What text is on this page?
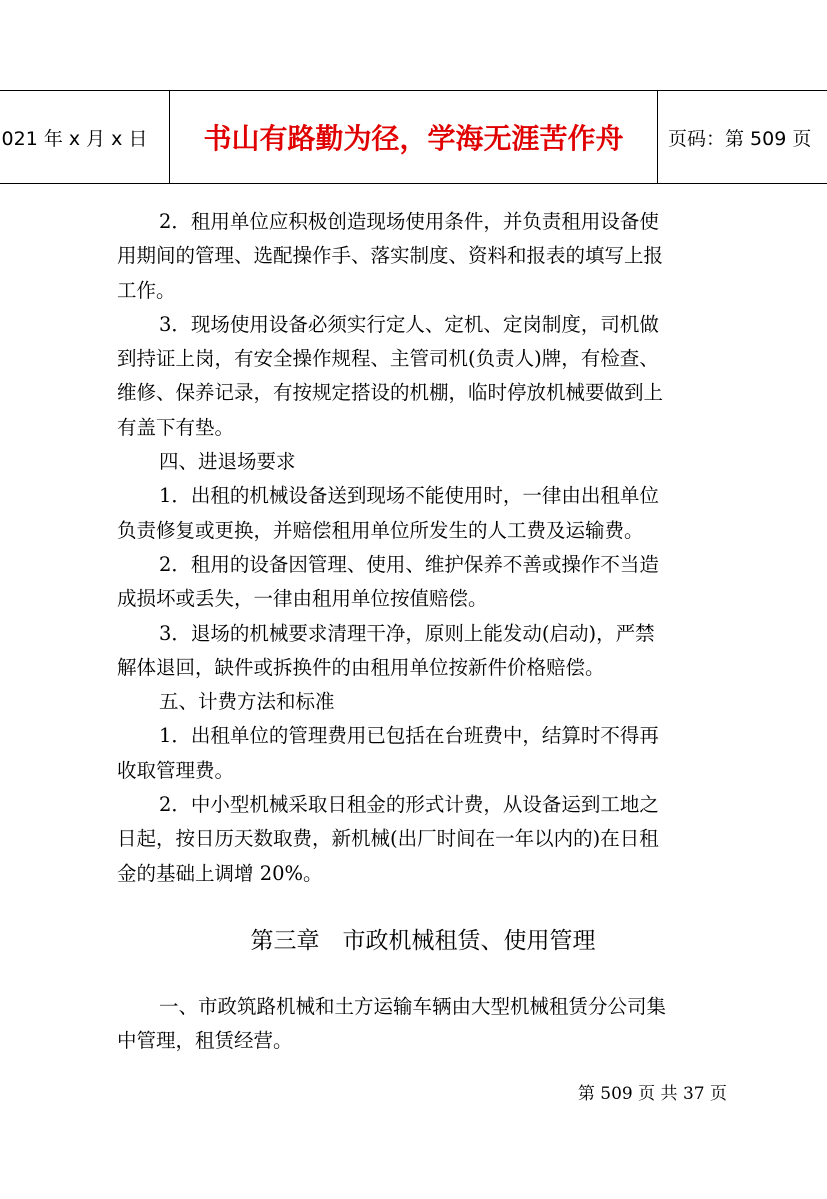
021 年 x 月 x 日	书山有路勤为径，学海无涯苦作舟	页码：第 509 页
2．租用单位应积极创造现场使用条件，并负责租用设备使
用期间的管理、选配操作手、落实制度、资料和报表的填写上报
工作。
3．现场使用设备必须实行定人、定机、定岗制度，司机做
到持证上岗，有安全操作规程、主管司机(负责人)牌，有检查、
维修、保养记录，有按规定搭设的机棚，临时停放机械要做到上
有盖下有垫。
四、进退场要求
1．出租的机械设备送到现场不能使用时，一律由出租单位
负责修复或更换，并赔偿租用单位所发生的人工费及运输费。
2．租用的设备因管理、使用、维护保养不善或操作不当造
成损坏或丢失，一律由租用单位按值赔偿。
3．退场的机械要求清理干净，原则上能发动(启动)，严禁
解体退回，缺件或拆换件的由租用单位按新件价格赔偿。
五、计费方法和标准
1．出租单位的管理费用已包括在台班费中，结算时不得再
收取管理费。
2．中小型机械采取日租金的形式计费，从设备运到工地之
日起，按日历天数取费，新机械(出厂时间在一年以内的)在日租
金的基础上调增 20%。
第三章　市政机械租赁、使用管理
一、市政筑路机械和土方运输车辆由大型机械租赁分公司集
中管理，租赁经营。
第 509 页 共 37 页
